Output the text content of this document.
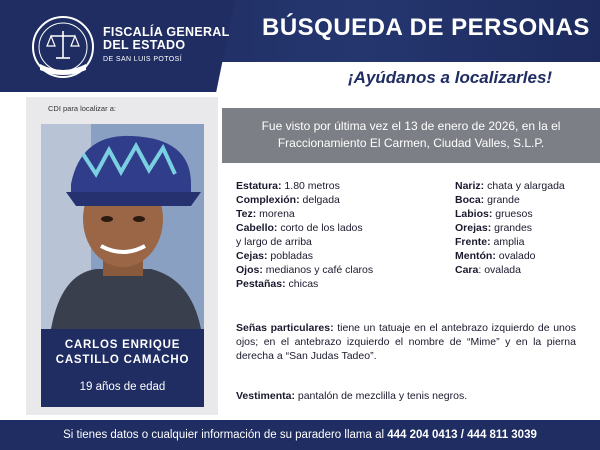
FISCALÍA GENERAL
DEL ESTADO
DE SAN LUIS POTOSÍ
BÚSQUEDA DE PERSONAS
¡Ayúdanos a localizarles!
CDI para localizar a:
CARLOS ENRIQUE
CASTILLO CAMACHO
19 años de edad
Fue visto por última vez el 13 de enero de 2026, en la el
Fraccionamiento El Carmen, Ciudad Valles, S.L.P.
Estatura: 1.80 metros
Complexión: delgada
Tez: morena
Cabello: corto de los lados
y largo de arriba
Cejas: pobladas
Ojos: medianos y café claros
Pestañas: chicas
Nariz: chata y alargada
Boca: grande
Labios: gruesos
Orejas: grandes
Frente: amplia
Mentón: ovalado
Cara: ovalada
Señas particulares: tiene un tatuaje en el antebrazo izquierdo de unos ojos; en el antebrazo izquierdo el nombre de “Mime” y en la pierna derecha a “San Judas Tadeo”.
Vestimenta: pantalón de mezclilla y tenis negros.
Si tienes datos o cualquier información de su paradero llama al 444 204 0413 / 444 811 3039
